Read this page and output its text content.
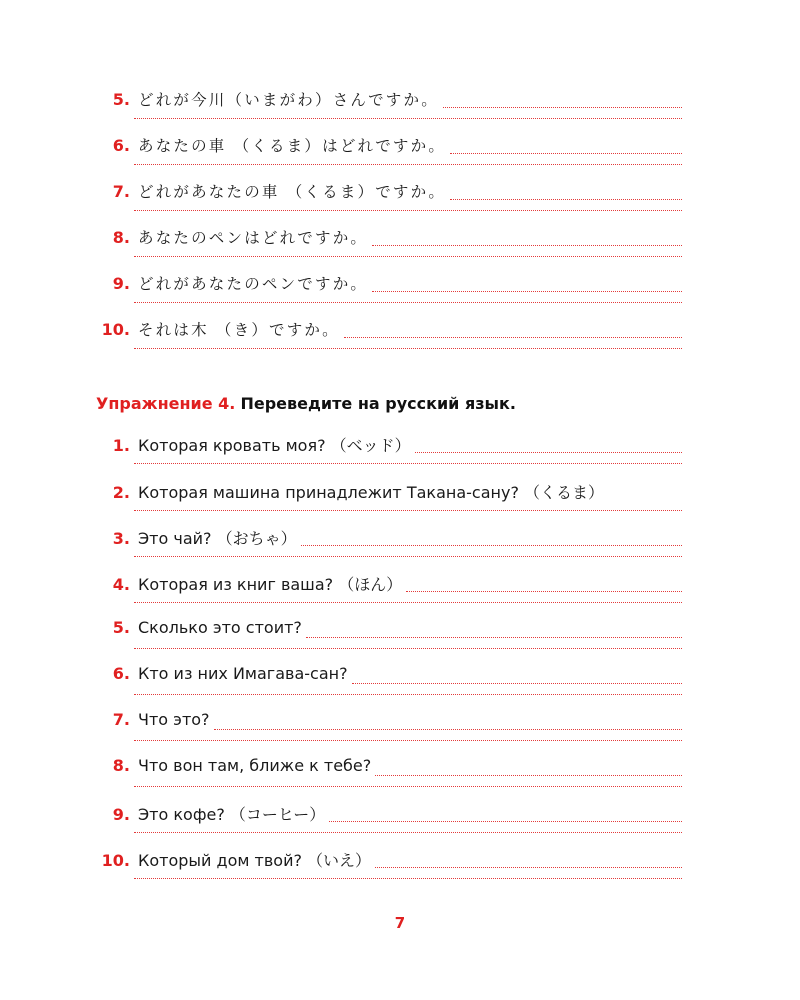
5. どれが今川（いまがわ）さんですか。
6. あなたの車 （くるま）はどれですか。
7. どれがあなたの車 （くるま）ですか。
8. あなたのペンはどれですか。
9. どれがあなたのペンですか。
10. それは木 （き）ですか。
Упражнение 4. Переведите на русский язык.
1. Которая кровать моя? （ベッド）
2. Которая машина принадлежит Такана-сану? （くるま）
3. Это чай? （おちゃ）
4. Которая из книг ваша? （ほん）
5. Сколько это стоит?
6. Кто из них Имагава-сан?
7. Что это?
8. Что вон там, ближе к тебе?
9. Это кофе? （コーヒー）
10. Который дом твой? （いえ）
7
